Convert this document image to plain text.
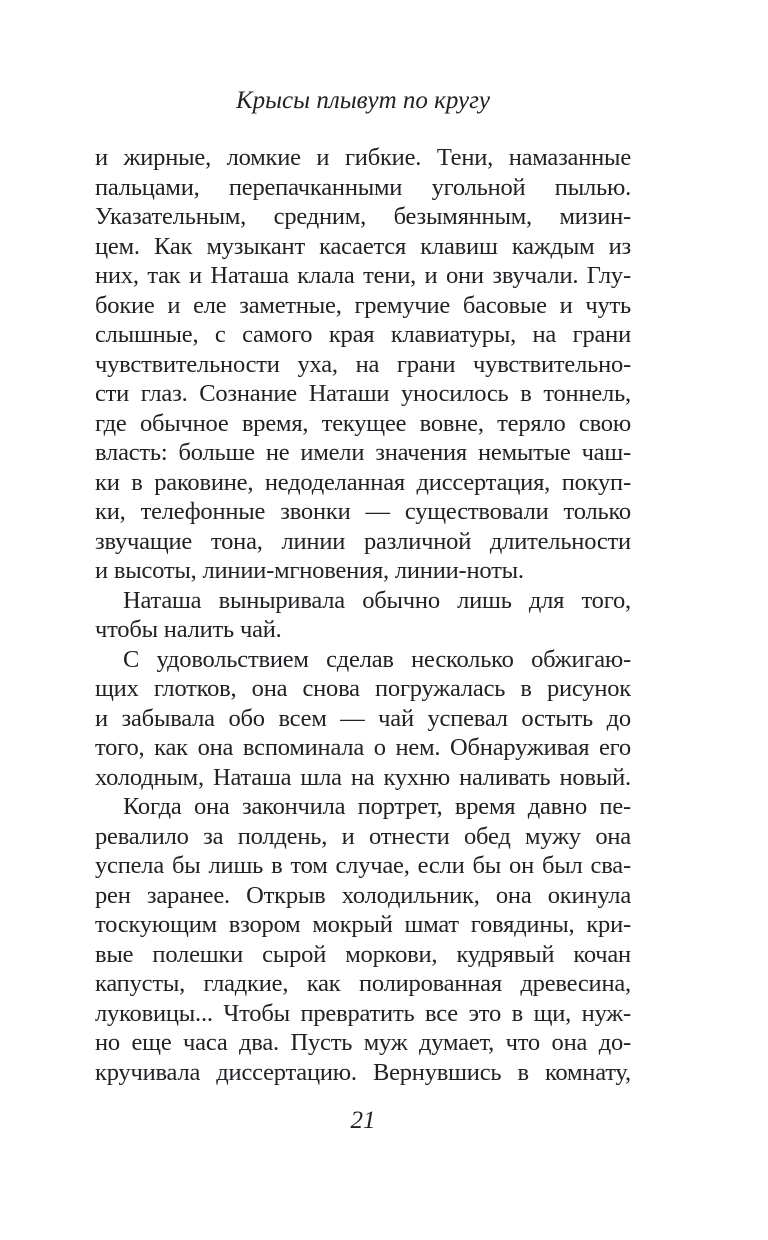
Крысы плывут по кругу
и жирные, ломкие и гибкие. Тени, намазанные
пальцами, перепачканными угольной пылью.
Указательным, средним, безымянным, мизин-
цем. Как музыкант касается клавиш каждым из
них, так и Наташа клала тени, и они звучали. Глу-
бокие и еле заметные, гремучие басовые и чуть
слышные, с самого края клавиатуры, на грани
чувствительности уха, на грани чувствительно-
сти глаз. Сознание Наташи уносилось в тоннель,
где обычное время, текущее вовне, теряло свою
власть: больше не имели значения немытые чаш-
ки в раковине, недоделанная диссертация, покуп-
ки, телефонные звонки — существовали только
звучащие тона, линии различной длительности
и высоты, линии-мгновения, линии-ноты.
Наташа выныривала обычно лишь для того,
чтобы налить чай.
С удовольствием сделав несколько обжигаю-
щих глотков, она снова погружалась в рисунок
и забывала обо всем — чай успевал остыть до
того, как она вспоминала о нем. Обнаруживая его
холодным, Наташа шла на кухню наливать новый.
Когда она закончила портрет, время давно пе-
ревалило за полдень, и отнести обед мужу она
успела бы лишь в том случае, если бы он был сва-
рен заранее. Открыв холодильник, она окинула
тоскующим взором мокрый шмат говядины, кри-
вые полешки сырой моркови, кудрявый кочан
капусты, гладкие, как полированная древесина,
луковицы... Чтобы превратить все это в щи, нуж-
но еще часа два. Пусть муж думает, что она до-
кручивала диссертацию. Вернувшись в комнату,
21
